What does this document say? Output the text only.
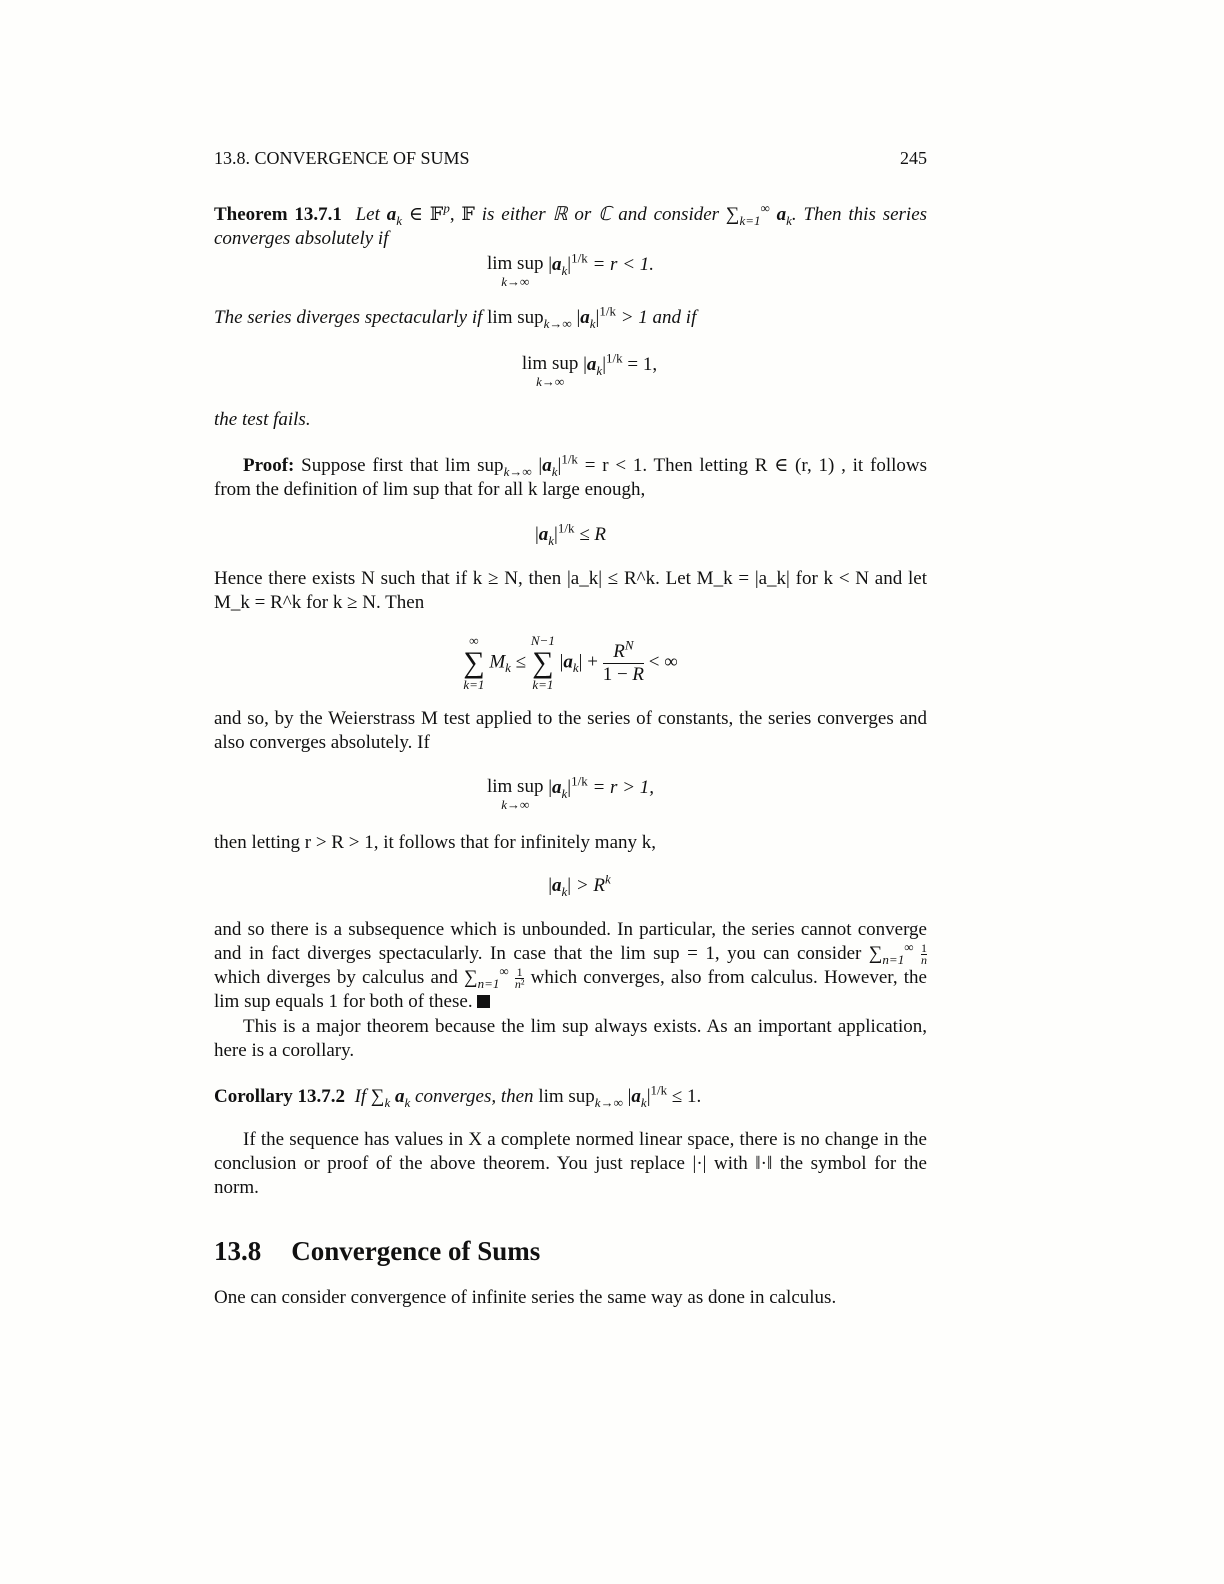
13.8. CONVERGENCE OF SUMS	245
Theorem 13.7.1 Let $a_k$ ∈ 𝔽$^p$, 𝔽 is either ℝ or ℂ and consider $\sum_{k=1}^\infty$ $a_k$. Then this series converges absolutely if
lim sup
k→∞
$|a_k|^{1/k} = r < 1$.
The series diverges spectacularly if lim sup$_{k\to\infty}$ $|a_k|^{1/k} > 1$ and if
lim sup
k→∞
$|a_k|^{1/k} = 1$,
the test fails.
Proof: Suppose first that lim sup$_{k\to\infty}$ $|a_k|^{1/k} = r < 1$. Then letting R ∈ (r, 1) , it follows from the definition of lim sup that for all k large enough,
$|a_k|^{1/k} \le R$
Hence there exists N such that if k ≥ N, then |a_k| ≤ R^k. Let M_k = |a_k| for k < N and let M_k = R^k for k ≥ N. Then
∞
∑
k=1
$M_k$ ≤
N−1
∑
k=1
$|a_k| + \frac{R^N}{1 - R}$ < ∞
and so, by the Weierstrass M test applied to the series of constants, the series converges and also converges absolutely. If
lim sup
k→∞
$|a_k|^{1/k} = r > 1$,
then letting r > R > 1, it follows that for infinitely many k,
$|a_k| > R^k$
and so there is a subsequence which is unbounded. In particular, the series cannot converge and in fact diverges spectacularly. In case that the lim sup = 1, you can consider $\sum_{n=1}^\infty \frac{1}{n}$ which diverges by calculus and $\sum_{n=1}^\infty$ 1
n² which converges, also from calculus. However, the lim sup equals 1 for both of these.
This is a major theorem because the lim sup always exists. As an important application, here is a corollary.
Corollary 13.7.2 If $\sum_k$ $a_k$ converges, then lim sup$_{k\to\infty}$ $|a_k|^{1/k} \le 1$.
If the sequence has values in X a complete normed linear space, there is no change in the conclusion or proof of the above theorem. You just replace |·| with ‖·‖ the symbol for the norm.
13.8 Convergence of Sums
One can consider convergence of infinite series the same way as done in calculus.
